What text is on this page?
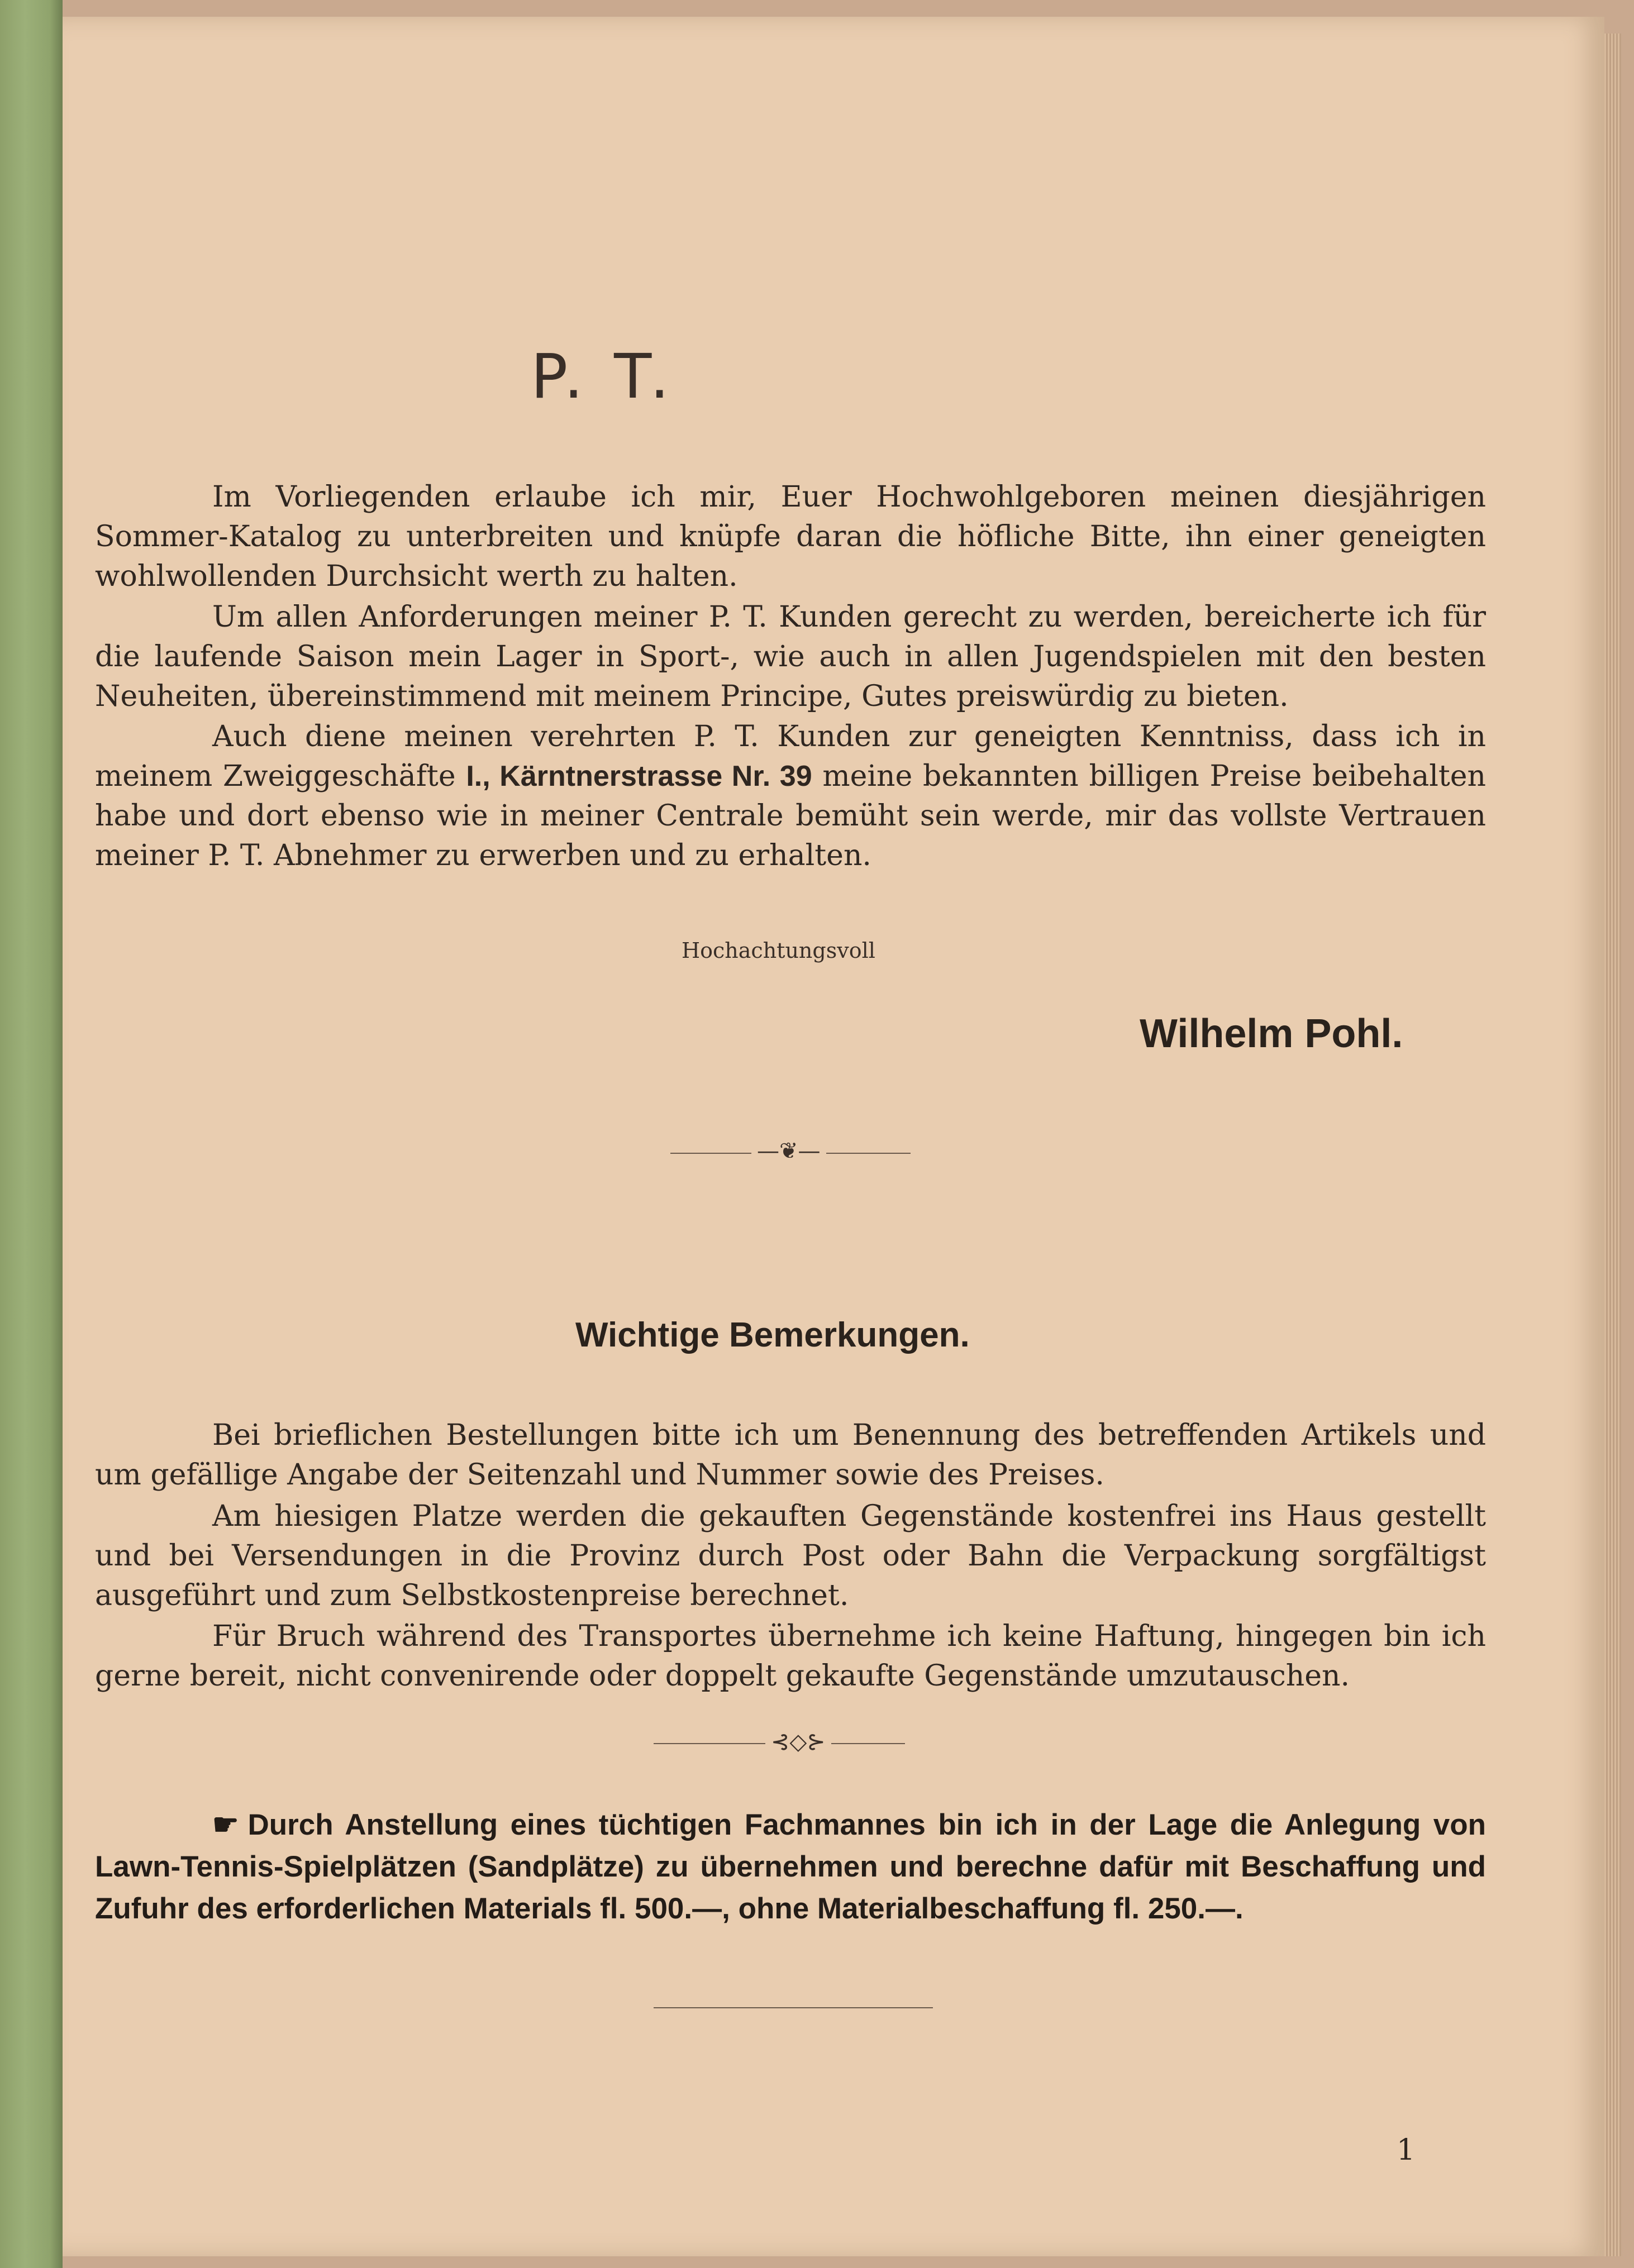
P. T.

Im Vorliegenden erlaube ich mir, Euer Hochwohlgeboren meinen diesjährigen Sommer-Katalog zu unterbreiten und knüpfe daran die höfliche Bitte, ihn einer geneigten wohlwollenden Durchsicht werth zu halten.

Um allen Anforderungen meiner P. T. Kunden gerecht zu werden, bereicherte ich für die laufende Saison mein Lager in Sport-, wie auch in allen Jugendspielen mit den besten Neuheiten, übereinstimmend mit meinem Principe, Gutes preiswürdig zu bieten.

Auch diene meinen verehrten P. T. Kunden zur geneigten Kenntniss, dass ich in meinem Zweiggeschäfte I., Kärntnerstrasse Nr. 39 meine bekannten billigen Preise beibehalten habe und dort ebenso wie in meiner Centrale bemüht sein werde, mir das vollste Vertrauen meiner P. T. Abnehmer zu erwerben und zu erhalten.

Hochachtungsvoll
Wilhelm Pohl.
—❦—
Wichtige Bemerkungen.

Bei brieflichen Bestellungen bitte ich um Benennung des betreffenden Artikels und um gefällige Angabe der Seitenzahl und Nummer sowie des Preises.

Am hiesigen Platze werden die gekauften Gegenstände kostenfrei ins Haus gestellt und bei Versendungen in die Provinz durch Post oder Bahn die Verpackung sorgfältigst ausgeführt und zum Selbstkostenpreise berechnet.

Für Bruch während des Transportes übernehme ich keine Haftung, hingegen bin ich gerne bereit, nicht convenirende oder doppelt gekaufte Gegenstände umzutauschen.

⊰◇⊱

☛ Durch Anstellung eines tüchtigen Fachmannes bin ich in der Lage die Anlegung von Lawn-Tennis-Spielplätzen (Sandplätze) zu übernehmen und berechne dafür mit Beschaffung und Zufuhr des erforderlichen Materials fl. 500.—, ohne Materialbeschaffung fl. 250.—.

1
